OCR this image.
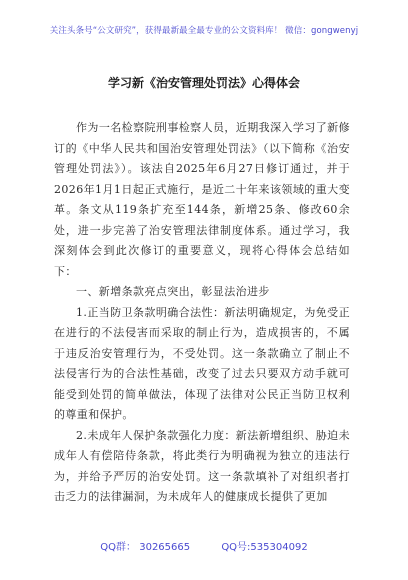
关注头条号“公文研究”，获得最新最全最专业的公文资料库！ 微信：gongwenyj
学习新《治安管理处罚法》心得体会

作为一名检察院刑事检察人员，近期我深入学习了新修订的《中华人民共和国治安管理处罚法》（以下简称《治安管理处罚法》）。该法自2025年6月27日修订通过，并于2026年1月1日起正式施行，是近二十年来该领域的重大变革。条文从119条扩充至144条，新增25条、修改60余处，进一步完善了治安管理法律制度体系。通过学习，我深刻体会到此次修订的重要意义，现将心得体会总结如下：

一、新增条款亮点突出，彰显法治进步

1.正当防卫条款明确合法性：新法明确规定，为免受正在进行的不法侵害而采取的制止行为，造成损害的，不属于违反治安管理行为，不受处罚。这一条款确立了制止不法侵害行为的合法性基础，改变了过去只要双方动手就可能受到处罚的简单做法，体现了法律对公民正当防卫权利的尊重和保护。

2.未成年人保护条款强化力度：新法新增组织、胁迫未成年人有偿陪侍条款，将此类行为明确视为独立的违法行为，并给予严厉的治安处罚。这一条款填补了对组织者打击乏力的法律漏洞，为未成年人的健康成长提供了更加

QQ群： 30265665	QQ号:535304092
